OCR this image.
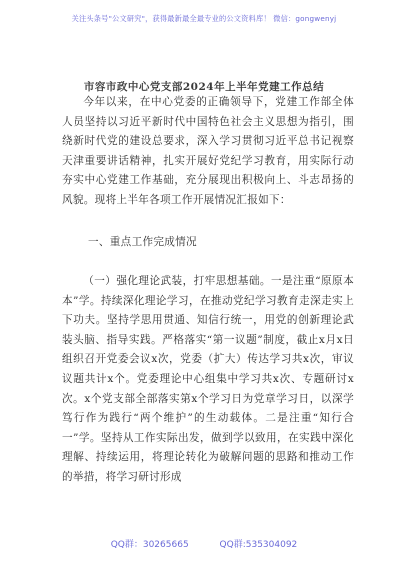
关注头条号"公文研究"，获得最新最全最专业的公文资料库！ 微信：gongwenyj
市容市政中心党支部2024年上半年党建工作总结
今年以来，在中心党委的正确领导下，党建工作部全体人员坚持以习近平新时代中国特色社会主义思想为指引，围绕新时代党的建设总要求，深入学习贯彻习近平总书记视察天津重要讲话精神，扎实开展好党纪学习教育，用实际行动夯实中心党建工作基础，充分展现出积极向上、斗志昂扬的风貌。现将上半年各项工作开展情况汇报如下：
一、重点工作完成情况
（一）强化理论武装，打牢思想基础。一是注重“原原本本”学。持续深化理论学习，在推动党纪学习教育走深走实上下功夫。坚持学思用贯通、知信行统一，用党的创新理论武装头脑、指导实践。严格落实“第一议题”制度，截止x月x日组织召开党委会议x次，党委（扩大）传达学习共x次，审议议题共计x个。党委理论中心组集中学习共x次、专题研讨x次。x个党支部全部落实第x个学习日为党章学习日，以深学笃行作为践行“两个维护”的生动载体。二是注重“知行合一”学。坚持从工作实际出发，做到学以致用，在实践中深化理解、持续运用，将理论转化为破解问题的思路和推动工作的举措，将学习研讨形成
QQ群：30265665	QQ群:535304092
